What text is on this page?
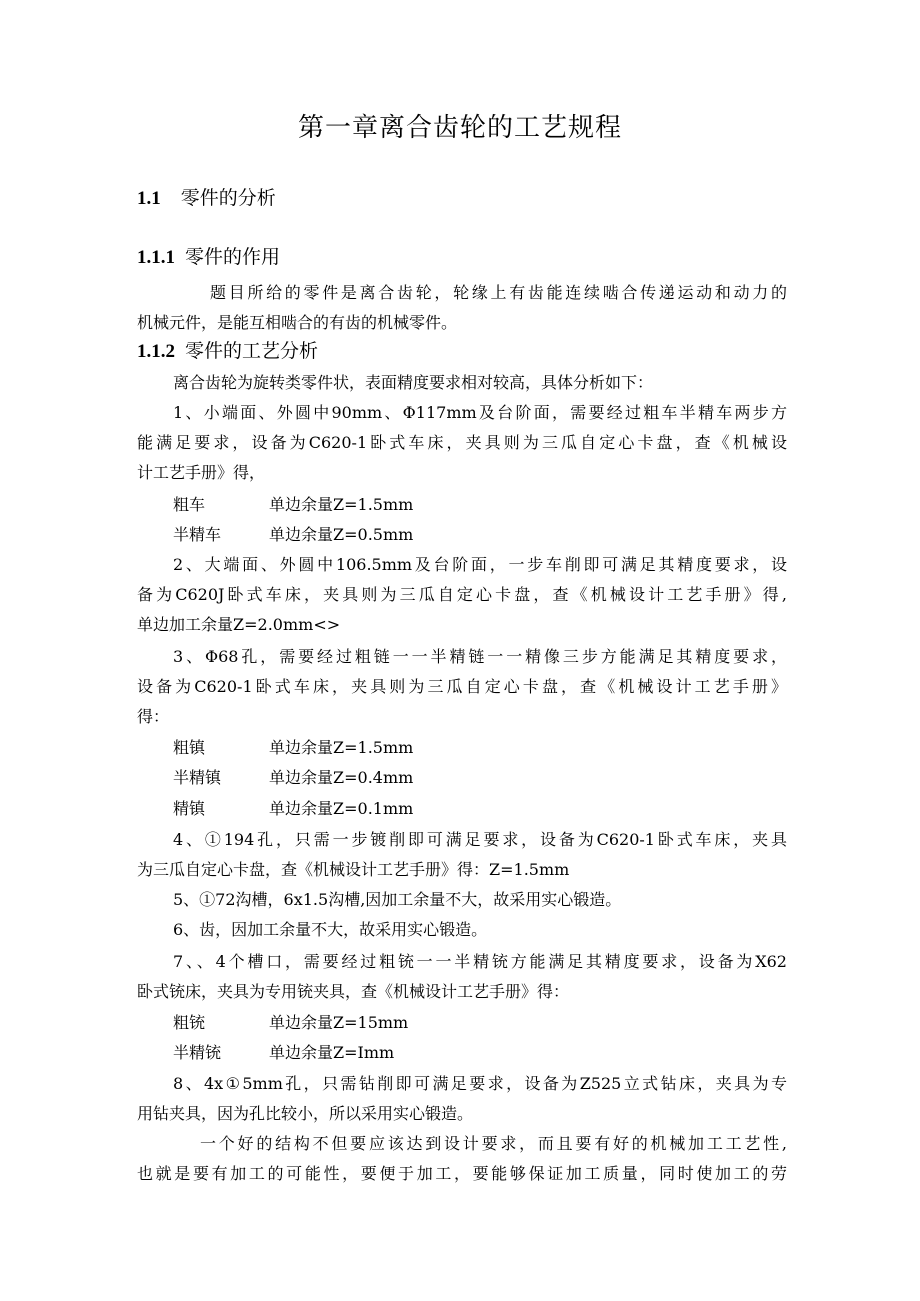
第一章离合齿轮的工艺规程
1.1 零件的分析
1.1.1 零件的作用
题目所给的零件是离合齿轮，轮缘上有齿能连续啮合传递运动和动力的
机械元件，是能互相啮合的有齿的机械零件。
1.1.2 零件的工艺分析
离合齿轮为旋转类零件状，表面精度要求相对较高，具体分析如下：
1、小端面、外圆中90mm、Φ117mm及台阶面，需要经过粗车半精车两步方
能满足要求，设备为C620-1卧式车床，夹具则为三瓜自定心卡盘，查《机械设
计工艺手册》得，
粗车	单边余量Z=1.5mm
半精车	单边余量Z=0.5mm
2、大端面、外圆中106.5mm及台阶面，一步车削即可满足其精度要求，设
备为C620J卧式车床，夹具则为三瓜自定心卡盘，查《机械设计工艺手册》得,
单边加工余量Z=2.0mm<>
3、Φ68孔，需要经过粗链一一半精链一一精像三步方能满足其精度要求，
设备为C620-1卧式车床，夹具则为三瓜自定心卡盘，查《机械设计工艺手册》
得：
粗镇	单边余量Z=1.5mm
半精镇	单边余量Z=0.4mm
精镇	单边余量Z=0.1mm
4、①194孔，只需一步镀削即可满足要求，设备为C620-1卧式车床，夹具
为三瓜自定心卡盘，查《机械设计工艺手册》得：Z=1.5mm
5、①72沟槽，6x1.5沟槽,因加工余量不大，故采用实心锻造。
6、齿，因加工余量不大，故采用实心锻造。
7、、4个槽口，需要经过粗铳一一半精铳方能满足其精度要求，设备为X62
卧式铳床，夹具为专用铳夹具，查《机械设计工艺手册》得：
粗铳	单边余量Z=15mm
半精铳	单边余量Z=Imm
8、4x①5mm孔，只需钻削即可满足要求，设备为Z525立式钻床，夹具为专
用钻夹具，因为孔比较小，所以采用实心锻造。
一个好的结构不但要应该达到设计要求，而且要有好的机械加工工艺性,
也就是要有加工的可能性，要便于加工，要能够保证加工质量，同时使加工的劳
